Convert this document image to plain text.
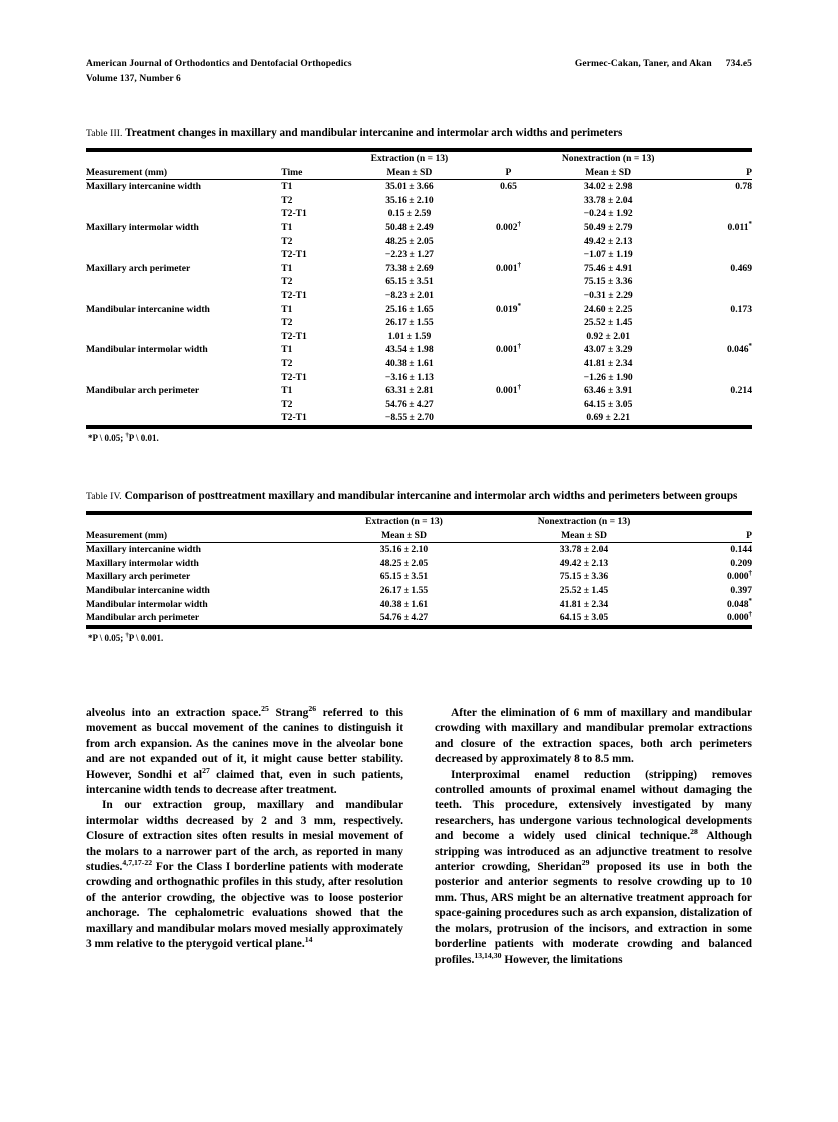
American Journal of Orthodontics and Dentofacial Orthopedics	Germec-Cakan, Taner, and Akan 734.e5
Volume 137, Number 6
Table III. Treatment changes in maxillary and mandibular intercanine and intermolar arch widths and perimeters
		Extraction (n = 13)		Nonextraction (n = 13)	
Measurement (mm)	Time	Mean ± SD	P	Mean ± SD	P
Maxillary intercanine width	T1	35.01 ± 3.66	0.65	34.02 ± 2.98	0.78
	T2	35.16 ± 2.10		33.78 ± 2.04	
	T2-T1	0.15 ± 2.59		−0.24 ± 1.92	
Maxillary intermolar width	T1	50.48 ± 2.49	0.002†	50.49 ± 2.79	0.011*
	T2	48.25 ± 2.05		49.42 ± 2.13	
	T2-T1	−2.23 ± 1.27		−1.07 ± 1.19	
Maxillary arch perimeter	T1	73.38 ± 2.69	0.001†	75.46 ± 4.91	0.469
	T2	65.15 ± 3.51		75.15 ± 3.36	
	T2-T1	−8.23 ± 2.01		−0.31 ± 2.29	
Mandibular intercanine width	T1	25.16 ± 1.65	0.019*	24.60 ± 2.25	0.173
	T2	26.17 ± 1.55		25.52 ± 1.45	
	T2-T1	1.01 ± 1.59		0.92 ± 2.01	
Mandibular intermolar width	T1	43.54 ± 1.98	0.001†	43.07 ± 3.29	0.046*
	T2	40.38 ± 1.61		41.81 ± 2.34	
	T2-T1	−3.16 ± 1.13		−1.26 ± 1.90	
Mandibular arch perimeter	T1	63.31 ± 2.81	0.001†	63.46 ± 3.91	0.214
	T2	54.76 ± 4.27		64.15 ± 3.05	
	T2-T1	−8.55 ± 2.70		0.69 ± 2.21	
*P \ 0.05; †P \ 0.01.
Table IV. Comparison of posttreatment maxillary and mandibular intercanine and intermolar arch widths and perimeters between groups
	Extraction (n = 13)	Nonextraction (n = 13)	
Measurement (mm)	Mean ± SD	Mean ± SD	P
Maxillary intercanine width	35.16 ± 2.10	33.78 ± 2.04	0.144
Maxillary intermolar width	48.25 ± 2.05	49.42 ± 2.13	0.209
Maxillary arch perimeter	65.15 ± 3.51	75.15 ± 3.36	0.000†
Mandibular intercanine width	26.17 ± 1.55	25.52 ± 1.45	0.397
Mandibular intermolar width	40.38 ± 1.61	41.81 ± 2.34	0.048*
Mandibular arch perimeter	54.76 ± 4.27	64.15 ± 3.05	0.000†
*P \ 0.05; †P \ 0.001.

alveolus into an extraction space.$^{25}$ Strang$^{26}$ referred to this movement as buccal movement of the canines to distinguish it from arch expansion. As the canines move in the alveolar bone and are not expanded out of it, it might cause better stability. However, Sondhi et $al^{27}$ claimed that, even in such patients, intercanine width tends to decrease after treatment.

In our extraction group, maxillary and mandibular intermolar widths decreased by 2 and 3 mm, respectively. Closure of extraction sites often results in mesial movement of the molars to a narrower part of the arch, as reported in many studies.$^{4,7,17-22}$ For the Class I borderline patients with moderate crowding and orthognathic profiles in this study, after resolution of the anterior crowding, the objective was to loose posterior anchorage. The cephalometric evaluations showed that the maxillary and mandibular molars moved mesially approximately 3 mm relative to the pterygoid vertical plane.$^{14}$

After the elimination of 6 mm of maxillary and mandibular crowding with maxillary and mandibular premolar extractions and closure of the extraction spaces, both arch perimeters decreased by approximately 8 to 8.5 mm.

Interproximal enamel reduction (stripping) removes controlled amounts of proximal enamel without damaging the teeth. This procedure, extensively investigated by many researchers, has undergone various technological developments and become a widely used clinical technique.$^{28}$ Although stripping was introduced as an adjunctive treatment to resolve anterior crowding, Sheridan$^{29}$ proposed its use in both the posterior and anterior segments to resolve crowding up to 10 mm. Thus, ARS might be an alternative treatment approach for space-gaining procedures such as arch expansion, distalization of the molars, protrusion of the incisors, and extraction in some borderline patients with moderate crowding and balanced profiles.$^{13,14,30}$ However, the limitations
